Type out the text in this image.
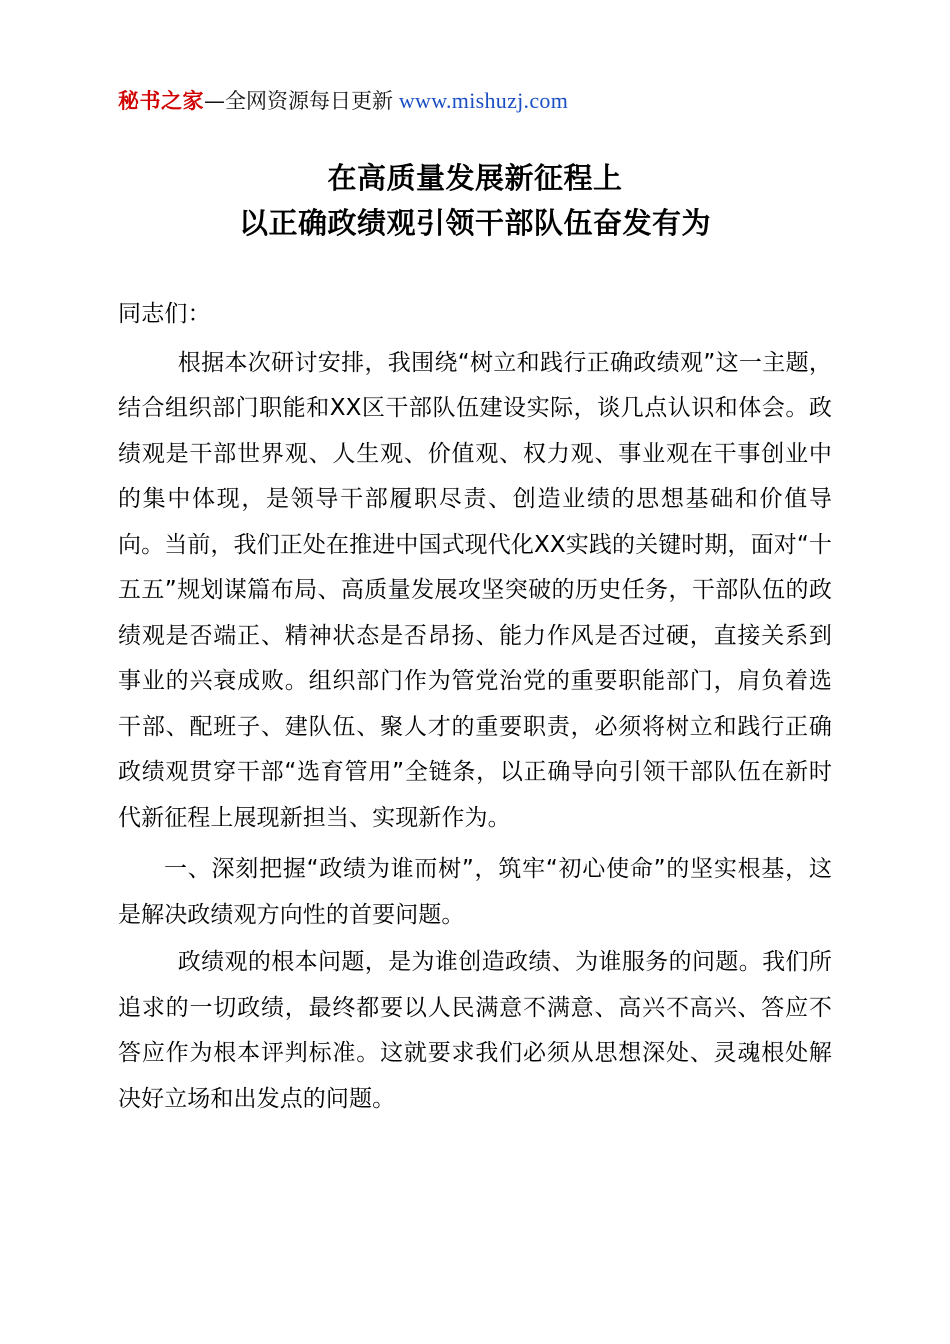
秘书之家—全网资源每日更新 www.mishuzj.com
在高质量发展新征程上
以正确政绩观引领干部队伍奋发有为
同志们：
根据本次研讨安排，我围绕“树立和践行正确政绩观”这一主题，结合组织部门职能和XX区干部队伍建设实际，谈几点认识和体会。政绩观是干部世界观、人生观、价值观、权力观、事业观在干事创业中的集中体现，是领导干部履职尽责、创造业绩的思想基础和价值导向。当前，我们正处在推进中国式现代化XX实践的关键时期，面对“十五五”规划谋篇布局、高质量发展攻坚突破的历史任务，干部队伍的政绩观是否端正、精神状态是否昂扬、能力作风是否过硬，直接关系到事业的兴衰成败。组织部门作为管党治党的重要职能部门，肩负着选干部、配班子、建队伍、聚人才的重要职责，必须将树立和践行正确政绩观贯穿干部“选育管用”全链条，以正确导向引领干部队伍在新时代新征程上展现新担当、实现新作为。
一、深刻把握“政绩为谁而树”，筑牢“初心使命”的坚实根基，这是解决政绩观方向性的首要问题。
政绩观的根本问题，是为谁创造政绩、为谁服务的问题。我们所追求的一切政绩，最终都要以人民满意不满意、高兴不高兴、答应不答应作为根本评判标准。这就要求我们必须从思想深处、灵魂根处解决好立场和出发点的问题。
